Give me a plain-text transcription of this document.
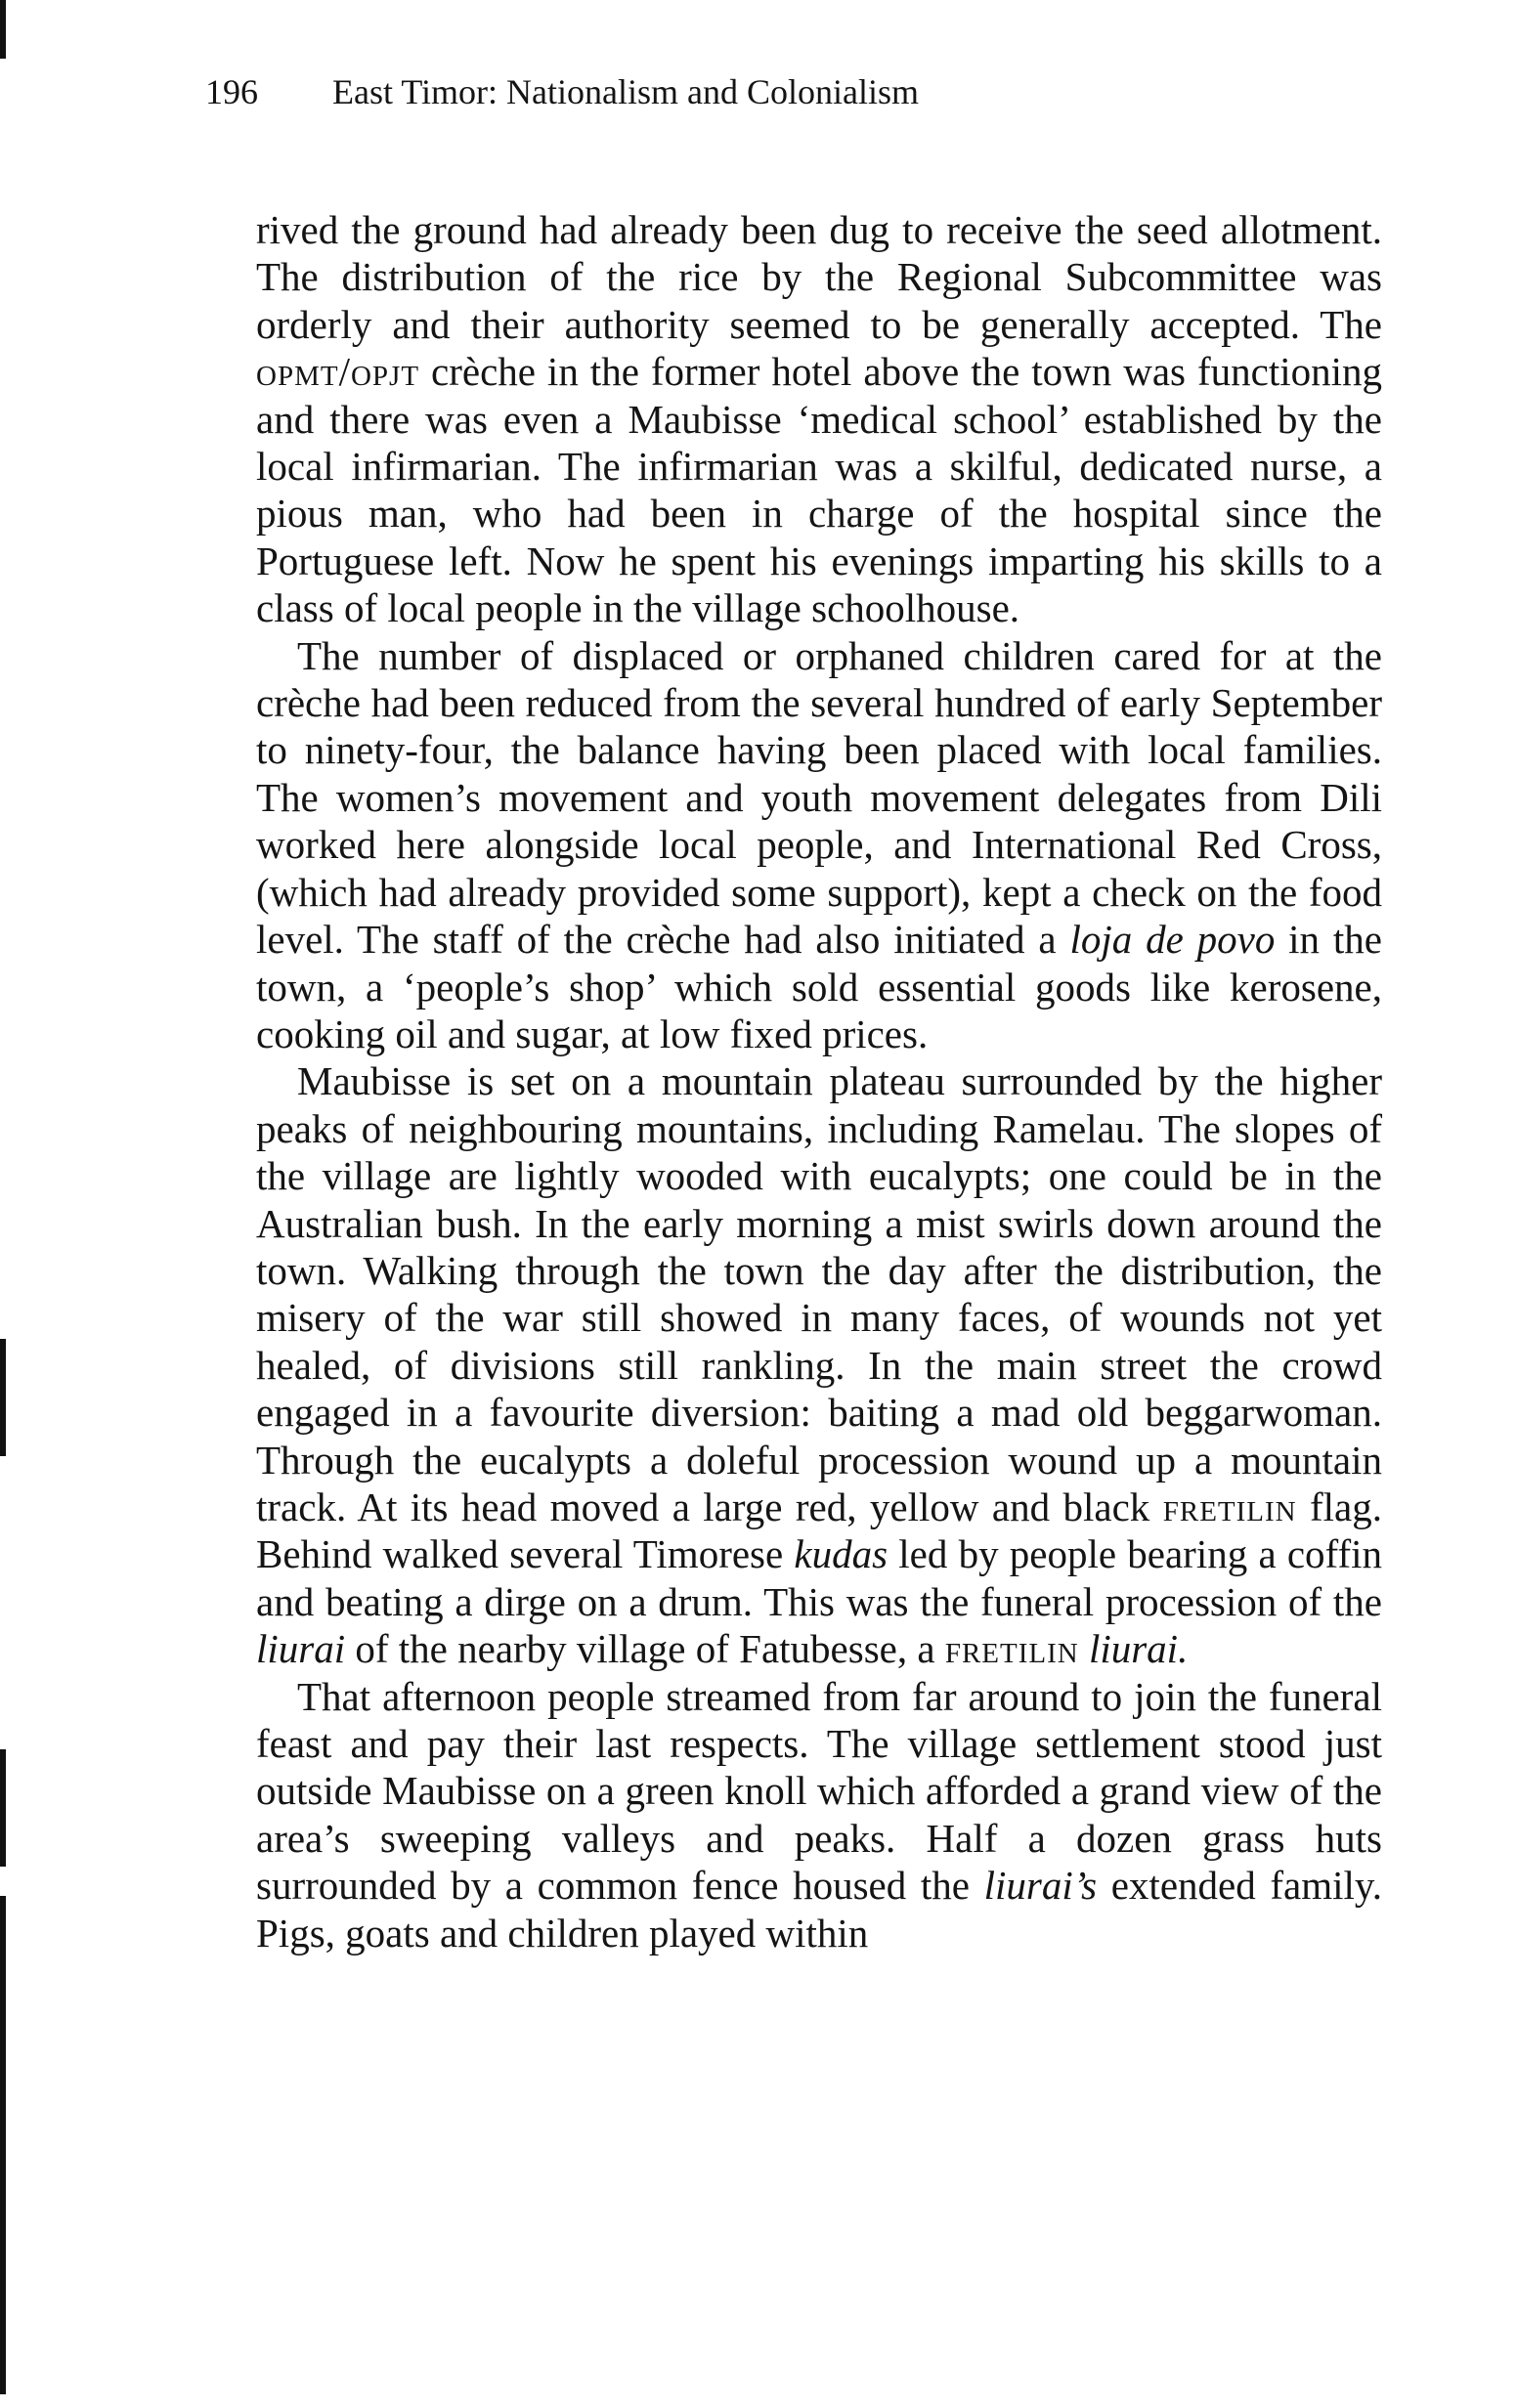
196 East Timor: Nationalism and Colonialism

rived the ground had already been dug to receive the seed allotment. The distribution of the rice by the Regional Subcommittee was orderly and their authority seemed to be generally accepted. The opmt/opjt crèche in the former hotel above the town was functioning and there was even a Maubisse ‘medical school’ established by the local infirmarian. The infirmarian was a skilful, dedicated nurse, a pious man, who had been in charge of the hospital since the Portuguese left. Now he spent his evenings imparting his skills to a class of local people in the village schoolhouse.

The number of displaced or orphaned children cared for at the crèche had been reduced from the several hundred of early September to ninety-four, the balance having been placed with local families. The women’s movement and youth movement delegates from Dili worked here alongside local people, and International Red Cross, (which had already provided some support), kept a check on the food level. The staff of the crèche had also initiated a loja de povo in the town, a ‘people’s shop’ which sold essential goods like kerosene, cooking oil and sugar, at low fixed prices.

Maubisse is set on a mountain plateau surrounded by the higher peaks of neighbouring mountains, including Ramelau. The slopes of the village are lightly wooded with eucalypts; one could be in the Australian bush. In the early morning a mist swirls down around the town. Walking through the town the day after the distribution, the misery of the war still showed in many faces, of wounds not yet healed, of divisions still rankling. In the main street the crowd engaged in a favourite diversion: baiting a mad old beggarwoman. Through the eucalypts a doleful procession wound up a mountain track. At its head moved a large red, yellow and black fretilin flag. Behind walked several Timorese kudas led by people bearing a coffin and beating a dirge on a drum. This was the funeral procession of the liurai of the nearby village of Fatubesse, a fretilin liurai.

That afternoon people streamed from far around to join the funeral feast and pay their last respects. The village settlement stood just outside Maubisse on a green knoll which afforded a grand view of the area’s sweeping valleys and peaks. Half a dozen grass huts surrounded by a common fence housed the liurai’s extended family. Pigs, goats and children played within
